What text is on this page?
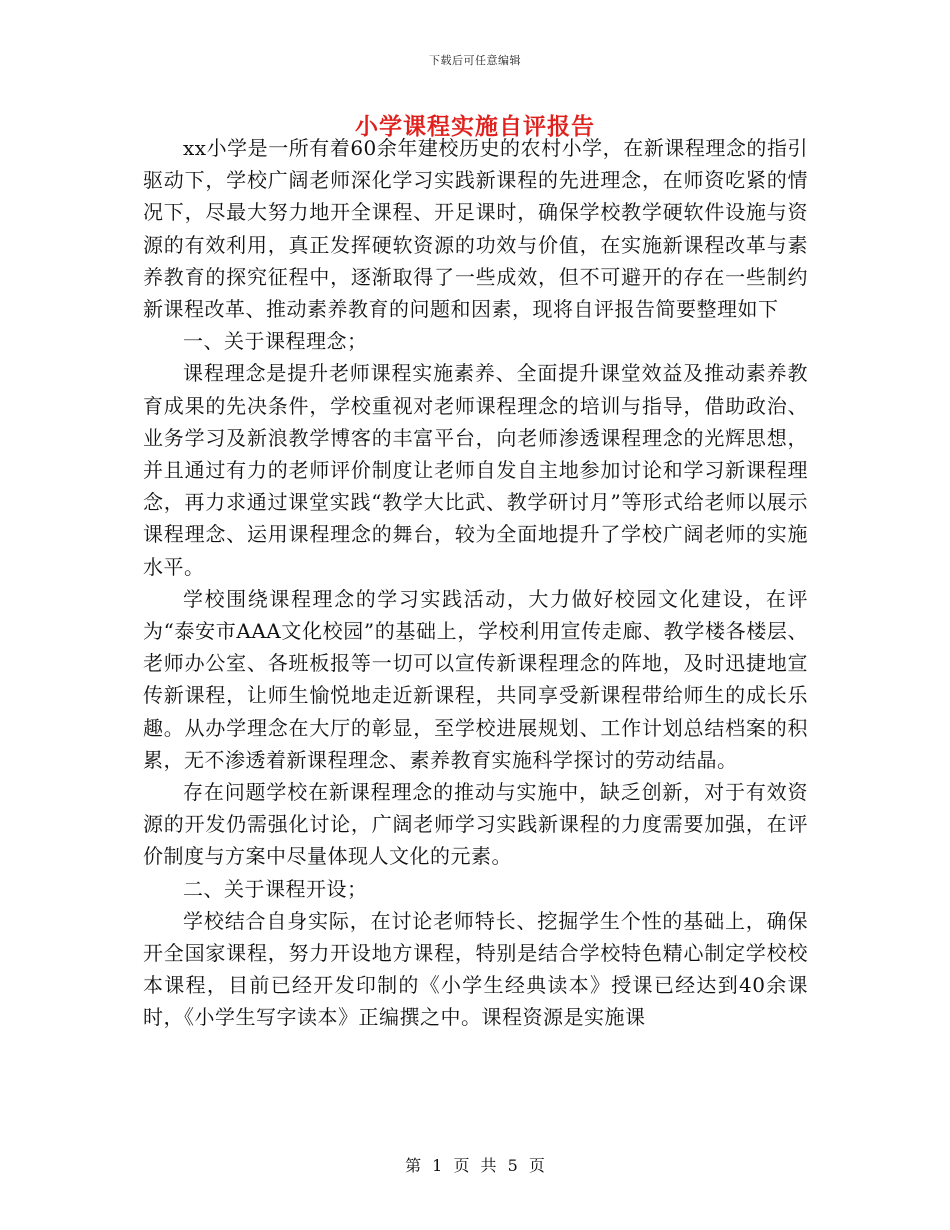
下载后可任意编辑
小学课程实施自评报告

xx小学是一所有着60余年建校历史的农村小学，在新课程理念的指引驱动下，学校广阔老师深化学习实践新课程的先进理念，在师资吃紧的情况下，尽最大努力地开全课程、开足课时，确保学校教学硬软件设施与资源的有效利用，真正发挥硬软资源的功效与价值，在实施新课程改革与素养教育的探究征程中，逐渐取得了一些成效，但不可避开的存在一些制约新课程改革、推动素养教育的问题和因素，现将自评报告简要整理如下

一、关于课程理念；

课程理念是提升老师课程实施素养、全面提升课堂效益及推动素养教育成果的先决条件，学校重视对老师课程理念的培训与指导，借助政治、业务学习及新浪教学博客的丰富平台，向老师渗透课程理念的光辉思想，并且通过有力的老师评价制度让老师自发自主地参加讨论和学习新课程理念，再力求通过课堂实践“教学大比武、教学研讨月”等形式给老师以展示课程理念、运用课程理念的舞台，较为全面地提升了学校广阔老师的实施水平。

学校围绕课程理念的学习实践活动，大力做好校园文化建设，在评为“泰安市AAA文化校园”的基础上，学校利用宣传走廊、教学楼各楼层、老师办公室、各班板报等一切可以宣传新课程理念的阵地，及时迅捷地宣传新课程，让师生愉悦地走近新课程，共同享受新课程带给师生的成长乐趣。从办学理念在大厅的彰显，至学校进展规划、工作计划总结档案的积累，无不渗透着新课程理念、素养教育实施科学探讨的劳动结晶。

存在问题学校在新课程理念的推动与实施中，缺乏创新，对于有效资源的开发仍需强化讨论，广阔老师学习实践新课程的力度需要加强，在评价制度与方案中尽量体现人文化的元素。

二、关于课程开设；

学校结合自身实际，在讨论老师特长、挖掘学生个性的基础上，确保开全国家课程，努力开设地方课程，特别是结合学校特色精心制定学校校本课程，目前已经开发印制的《小学生经典读本》授课已经达到40余课时，《小学生写字读本》正编撰之中。课程资源是实施课

第 1 页 共 5 页
